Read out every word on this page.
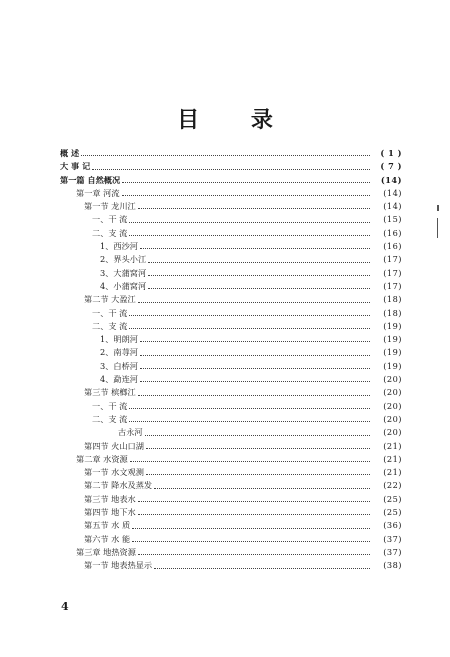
目 录
概 述	( 1 )
大 事 记	( 7 )
第一篇 自然概况	(14)
第一章 河流	(14)
第一节 龙川江	(14)
一、干 流	(15)
二、支 流	(16)
1、西沙河	(16)
2、界头小江	(17)
3、大蒲窝河	(17)
4、小蒲窝河	(17)
第二节 大盈江	(18)
一、干 流	(18)
二、支 流	(19)
1、明朗河	(19)
2、南荨河	(19)
3、白桥河	(19)
4、勐连河	(20)
第三节 槟榔江	(20)
一、干 流	(20)
二、支 流	(20)
古永河	(20)
第四节 火山口湖	(21)
第二章 水资源	(21)
第一节 水文观测	(21)
第二节 降水及蒸发	(22)
第三节 地表水	(25)
第四节 地下水	(25)
第五节 水 质	(36)
第六节 水 能	(37)
第三章 地热资源	(37)
第一节 地表热显示	(38)
4
